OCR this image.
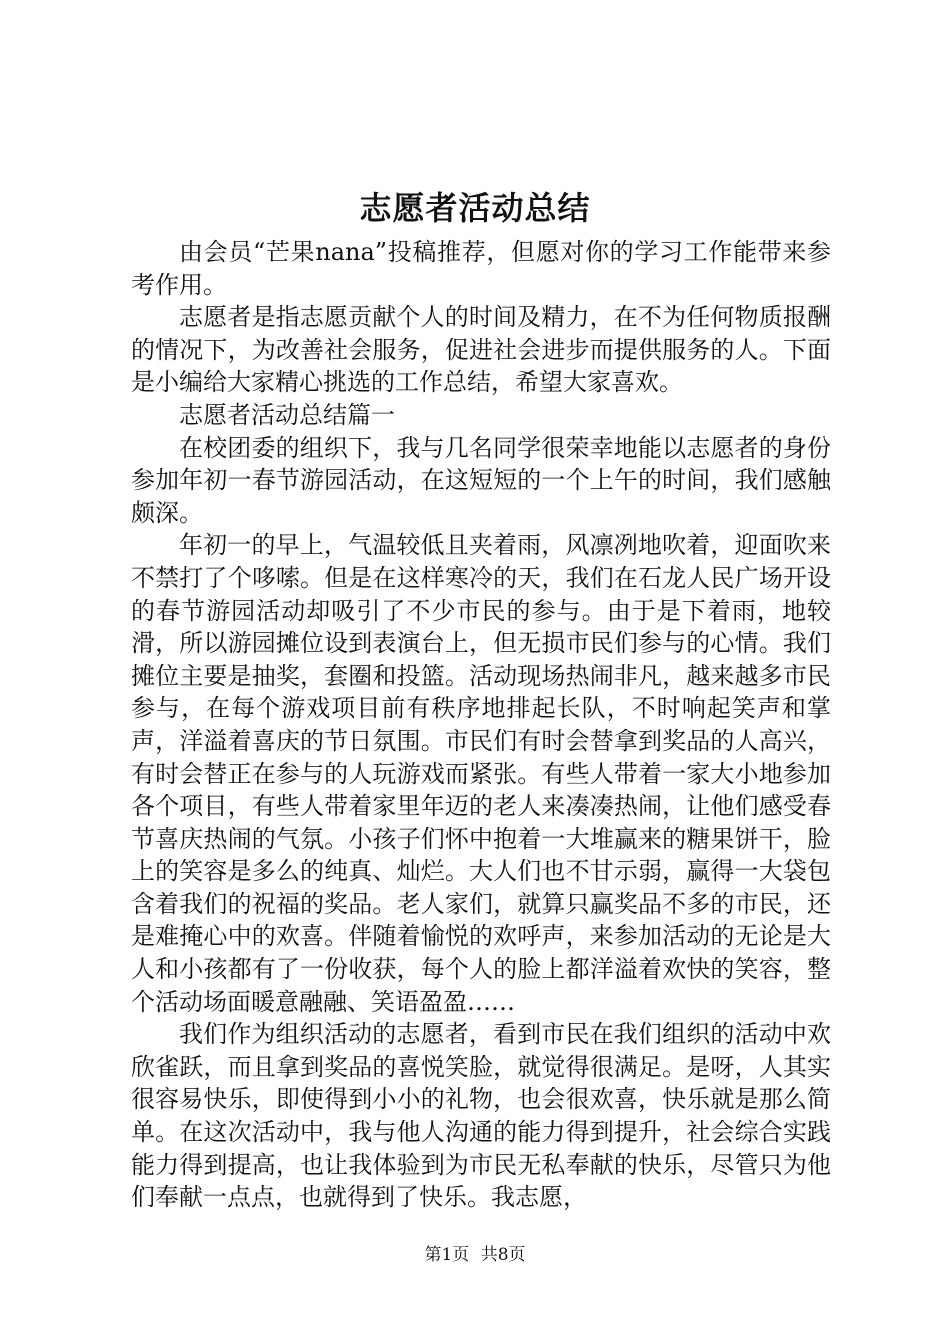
志愿者活动总结

由会员“芒果nana”投稿推荐，但愿对你的学习工作能带来参考作用。

志愿者是指志愿贡献个人的时间及精力，在不为任何物质报酬的情况下，为改善社会服务，促进社会进步而提供服务的人。下面是小编给大家精心挑选的工作总结，希望大家喜欢。

志愿者活动总结篇一

在校团委的组织下，我与几名同学很荣幸地能以志愿者的身份参加年初一春节游园活动，在这短短的一个上午的时间，我们感触颇深。

年初一的早上，气温较低且夹着雨，风凛冽地吹着，迎面吹来不禁打了个哆嗦。但是在这样寒冷的天，我们在石龙人民广场开设的春节游园活动却吸引了不少市民的参与。由于是下着雨，地较滑，所以游园摊位设到表演台上，但无损市民们参与的心情。我们摊位主要是抽奖，套圈和投篮。活动现场热闹非凡，越来越多市民参与，在每个游戏项目前有秩序地排起长队，不时响起笑声和掌声，洋溢着喜庆的节日氛围。市民们有时会替拿到奖品的人高兴，有时会替正在参与的人玩游戏而紧张。有些人带着一家大小地参加各个项目，有些人带着家里年迈的老人来凑凑热闹，让他们感受春节喜庆热闹的气氛。小孩子们怀中抱着一大堆赢来的糖果饼干，脸上的笑容是多么的纯真、灿烂。大人们也不甘示弱，赢得一大袋包含着我们的祝福的奖品。老人家们，就算只赢奖品不多的市民，还是难掩心中的欢喜。伴随着愉悦的欢呼声，来参加活动的无论是大人和小孩都有了一份收获，每个人的脸上都洋溢着欢快的笑容，整个活动场面暖意融融、笑语盈盈……

我们作为组织活动的志愿者，看到市民在我们组织的活动中欢欣雀跃，而且拿到奖品的喜悦笑脸，就觉得很满足。是呀，人其实很容易快乐，即使得到小小的礼物，也会很欢喜，快乐就是那么简单。在这次活动中，我与他人沟通的能力得到提升，社会综合实践能力得到提高，也让我体验到为市民无私奉献的快乐，尽管只为他们奉献一点点，也就得到了快乐。我志愿，

第1页 共8页
